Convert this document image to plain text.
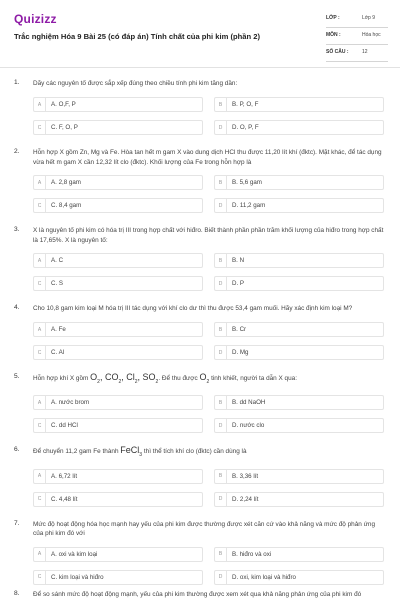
Quizizz
Trắc nghiệm Hóa 9 Bài 25 (có đáp án) Tính chất của phi kim (phần 2)
LỚP :	Lớp 9
MÔN :	Hóa học
SỐ CÂU :	12
1. Dãy các nguyên tố được sắp xếp đúng theo chiều tính phi kim tăng dần:
A	A. O,F, P	B	B. P, O, F
C	C. F, O, P	D	D. O, P, F
2. Hỗn hợp X gồm Zn, Mg và Fe. Hòa tan hết m gam X vào dung dịch HCl thu được 11,20 lít khí (đktc). Mặt khác, để tác dụng vừa hết m gam X cần 12,32 lít clo (đktc). Khối lượng của Fe trong hỗn hợp là
A	A. 2,8 gam	B	B. 5,6 gam
C	C. 8,4 gam	D	D. 11,2 gam
3. X là nguyên tố phi kim có hóa trị III trong hợp chất với hiđro. Biết thành phần phần trăm khối lượng của hiđro trong hợp chất là 17,65%. X là nguyên tố:
A	A. C	B	B. N
C	C. S	D	D. P
4. Cho 10,8 gam kim loại M hóa trị III tác dụng với khí clo dư thì thu được 53,4 gam muối. Hãy xác định kim loại M?
A	A. Fe	B	B. Cr
C	C. Al	D	D. Mg
5. Hỗn hợp khí X gồm $O_2$, $CO_2$, $Cl_2$, $SO_2$. Để thu được $O_2$ tinh khiết, người ta dẫn X qua:
A	A. nước brom	B	B. dd NaOH
C	C. dd HCl	D	D. nước clo
6. Để chuyển 11,2 gam Fe thành FeCl$_3$ thì thể tích khí clo (đktc) cần dùng là
A	A. 6,72 lít	B	B. 3,36 lít
C	C. 4,48 lít	D	D. 2,24 lít
7. Mức độ hoạt động hóa học mạnh hay yếu của phi kim được thường được xét căn cứ vào khả năng và mức độ phản ứng của phi kim đó với
A	A. oxi và kim loại	B	B. hiđro và oxi
C	C. kim loại và hiđro	D	D. oxi, kim loại và hiđro
8. Để so sánh mức độ hoạt động mạnh, yếu của phi kim thường được xem xét qua khả năng phản ứng của phi kim đó
